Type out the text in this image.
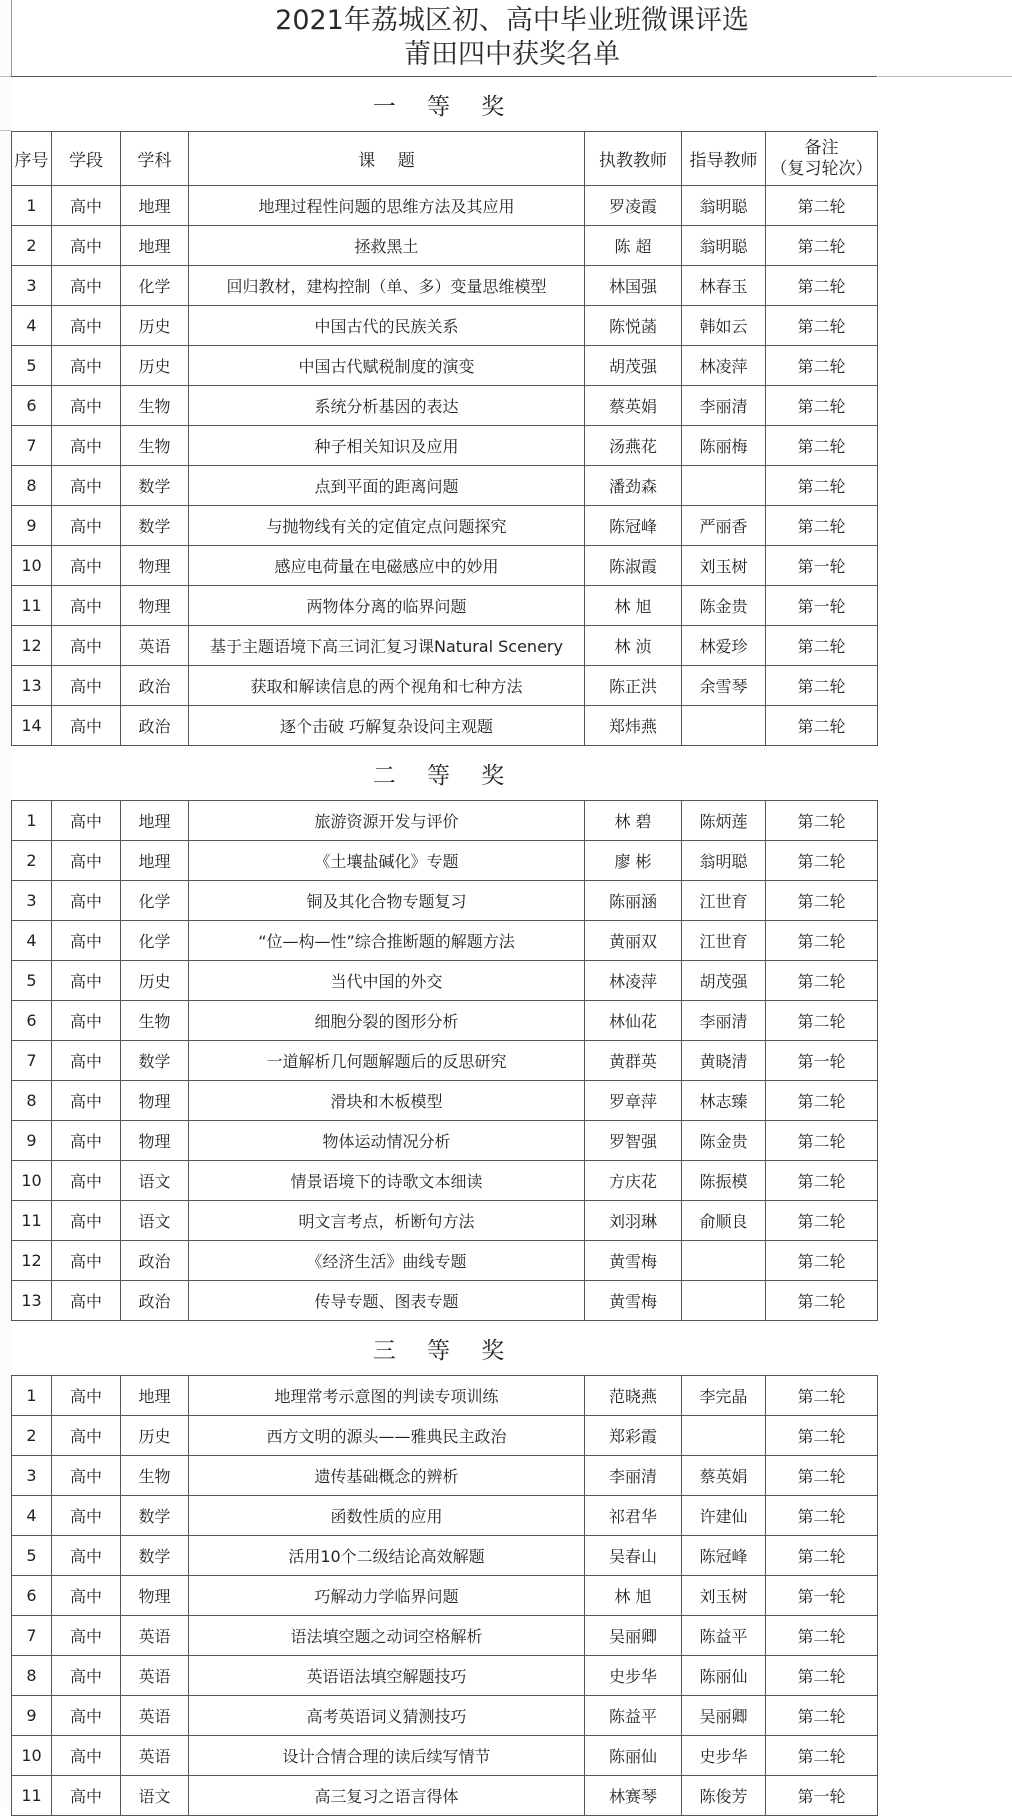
2021年荔城区初、高中毕业班微课评选
莆田四中获奖名单
一 等 奖						
序号	学段	学科	课　 题	执教教师	指导教师	备注
（复习轮次）

1	高中	地理	地理过程性问题的思维方法及其应用	罗凌霞	翁明聪	第二轮
2	高中	地理	拯救黑土	陈 超	翁明聪	第二轮
3	高中	化学	回归教材，建构控制（单、多）变量思维模型	林国强	林春玉	第二轮
4	高中	历史	中国古代的民族关系	陈悦菡	韩如云	第二轮
5	高中	历史	中国古代赋税制度的演变	胡茂强	林凌萍	第二轮
6	高中	生物	系统分析基因的表达	蔡英娟	李丽清	第二轮
7	高中	生物	种子相关知识及应用	汤燕花	陈丽梅	第二轮
8	高中	数学	点到平面的距离问题	潘劲森		第二轮
9	高中	数学	与抛物线有关的定值定点问题探究	陈冠峰	严丽香	第二轮
10	高中	物理	感应电荷量在电磁感应中的妙用	陈淑霞	刘玉树	第一轮
11	高中	物理	两物体分离的临界问题	林 旭	陈金贵	第一轮
12	高中	英语	基于主题语境下高三词汇复习课Natural Scenery	林 浈	林爱珍	第二轮
13	高中	政治	获取和解读信息的两个视角和七种方法	陈正洪	余雪琴	第二轮
14	高中	政治	逐个击破 巧解复杂设问主观题	郑炜燕		第二轮
二 等 奖						
1	高中	地理	旅游资源开发与评价	林 碧	陈炳莲	第二轮
2	高中	地理	《土壤盐碱化》专题	廖 彬	翁明聪	第二轮
3	高中	化学	铜及其化合物专题复习	陈丽涵	江世育	第二轮
4	高中	化学	“位—构—性”综合推断题的解题方法	黄丽双	江世育	第二轮
5	高中	历史	当代中国的外交	林凌萍	胡茂强	第二轮
6	高中	生物	细胞分裂的图形分析	林仙花	李丽清	第二轮
7	高中	数学	一道解析几何题解题后的反思研究	黄群英	黄晓清	第一轮
8	高中	物理	滑块和木板模型	罗章萍	林志臻	第二轮
9	高中	物理	物体运动情况分析	罗智强	陈金贵	第二轮
10	高中	语文	情景语境下的诗歌文本细读	方庆花	陈振模	第二轮
11	高中	语文	明文言考点，析断句方法	刘羽琳	俞顺良	第二轮
12	高中	政治	《经济生活》曲线专题	黄雪梅		第二轮
13	高中	政治	传导专题、图表专题	黄雪梅		第二轮
三 等 奖						
1	高中	地理	地理常考示意图的判读专项训练	范晓燕	李完晶	第二轮
2	高中	历史	西方文明的源头——雅典民主政治	郑彩霞		第二轮
3	高中	生物	遗传基础概念的辨析	李丽清	蔡英娟	第二轮
4	高中	数学	函数性质的应用	祁君华	许建仙	第二轮
5	高中	数学	活用10个二级结论高效解题	吴春山	陈冠峰	第二轮
6	高中	物理	巧解动力学临界问题	林 旭	刘玉树	第一轮
7	高中	英语	语法填空题之动词空格解析	吴丽卿	陈益平	第二轮
8	高中	英语	英语语法填空解题技巧	史步华	陈丽仙	第二轮
9	高中	英语	高考英语词义猜测技巧	陈益平	吴丽卿	第二轮
10	高中	英语	设计合情合理的读后续写情节	陈丽仙	史步华	第二轮
11	高中	语文	高三复习之语言得体	林赛琴	陈俊芳	第一轮
